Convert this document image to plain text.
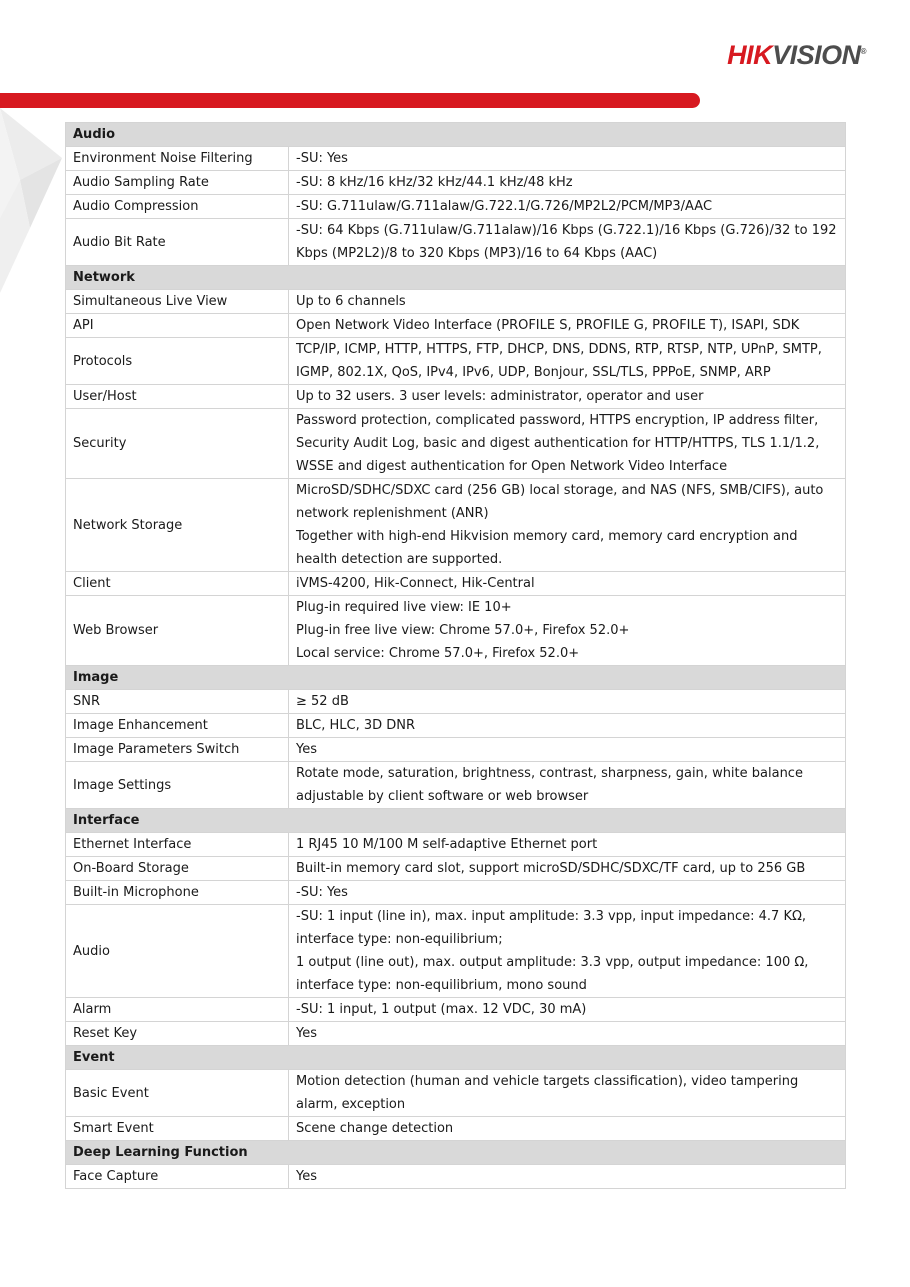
HIKVISION®
Audio	
Environment Noise Filtering	-SU: Yes

Audio Sampling Rate	-SU: 8 kHz/16 kHz/32 kHz/44.1 kHz/48 kHz

Audio Compression	-SU: G.711ulaw/G.711alaw/G.722.1/G.726/MP2L2/PCM/MP3/AAC

Audio Bit Rate	-SU: 64 Kbps (G.711ulaw/G.711alaw)/16 Kbps (G.722.1)/16 Kbps (G.726)/32 to 192 Kbps (MP2L2)/8 to 320 Kbps (MP3)/16 to 64 Kbps (AAC)

Network	
Simultaneous Live View	Up to 6 channels

API	Open Network Video Interface (PROFILE S, PROFILE G, PROFILE T), ISAPI, SDK

Protocols	TCP/IP, ICMP, HTTP, HTTPS, FTP, DHCP, DNS, DDNS, RTP, RTSP, NTP, UPnP, SMTP, IGMP, 802.1X, QoS, IPv4, IPv6, UDP, Bonjour, SSL/TLS, PPPoE, SNMP, ARP

User/Host	Up to 32 users. 3 user levels: administrator, operator and user

Security	Password protection, complicated password, HTTPS encryption, IP address filter, Security Audit Log, basic and digest authentication for HTTP/HTTPS, TLS 1.1/1.2, WSSE and digest authentication for Open Network Video Interface

Network Storage	MicroSD/SDHC/SDXC card (256 GB) local storage, and NAS (NFS, SMB/CIFS), auto network replenishment (ANR)
Together with high-end Hikvision memory card, memory card encryption and health detection are supported.

Client	iVMS-4200, Hik-Connect, Hik-Central

Web Browser	Plug-in required live view: IE 10+
Plug-in free live view: Chrome 57.0+, Firefox 52.0+
Local service: Chrome 57.0+, Firefox 52.0+

Image	
SNR	≥ 52 dB

Image Enhancement	BLC, HLC, 3D DNR

Image Parameters Switch	Yes

Image Settings	Rotate mode, saturation, brightness, contrast, sharpness, gain, white balance adjustable by client software or web browser

Interface	
Ethernet Interface	1 RJ45 10 M/100 M self-adaptive Ethernet port

On-Board Storage	Built-in memory card slot, support microSD/SDHC/SDXC/TF card, up to 256 GB

Built-in Microphone	-SU: Yes

Audio	-SU: 1 input (line in), max. input amplitude: 3.3 vpp, input impedance: 4.7 KΩ, interface type: non-equilibrium;
1 output (line out), max. output amplitude: 3.3 vpp, output impedance: 100 Ω, interface type: non-equilibrium, mono sound

Alarm	-SU: 1 input, 1 output (max. 12 VDC, 30 mA)

Reset Key	Yes

Event	
Basic Event	Motion detection (human and vehicle targets classification), video tampering alarm, exception

Smart Event	Scene change detection

Deep Learning Function	
Face Capture	Yes
